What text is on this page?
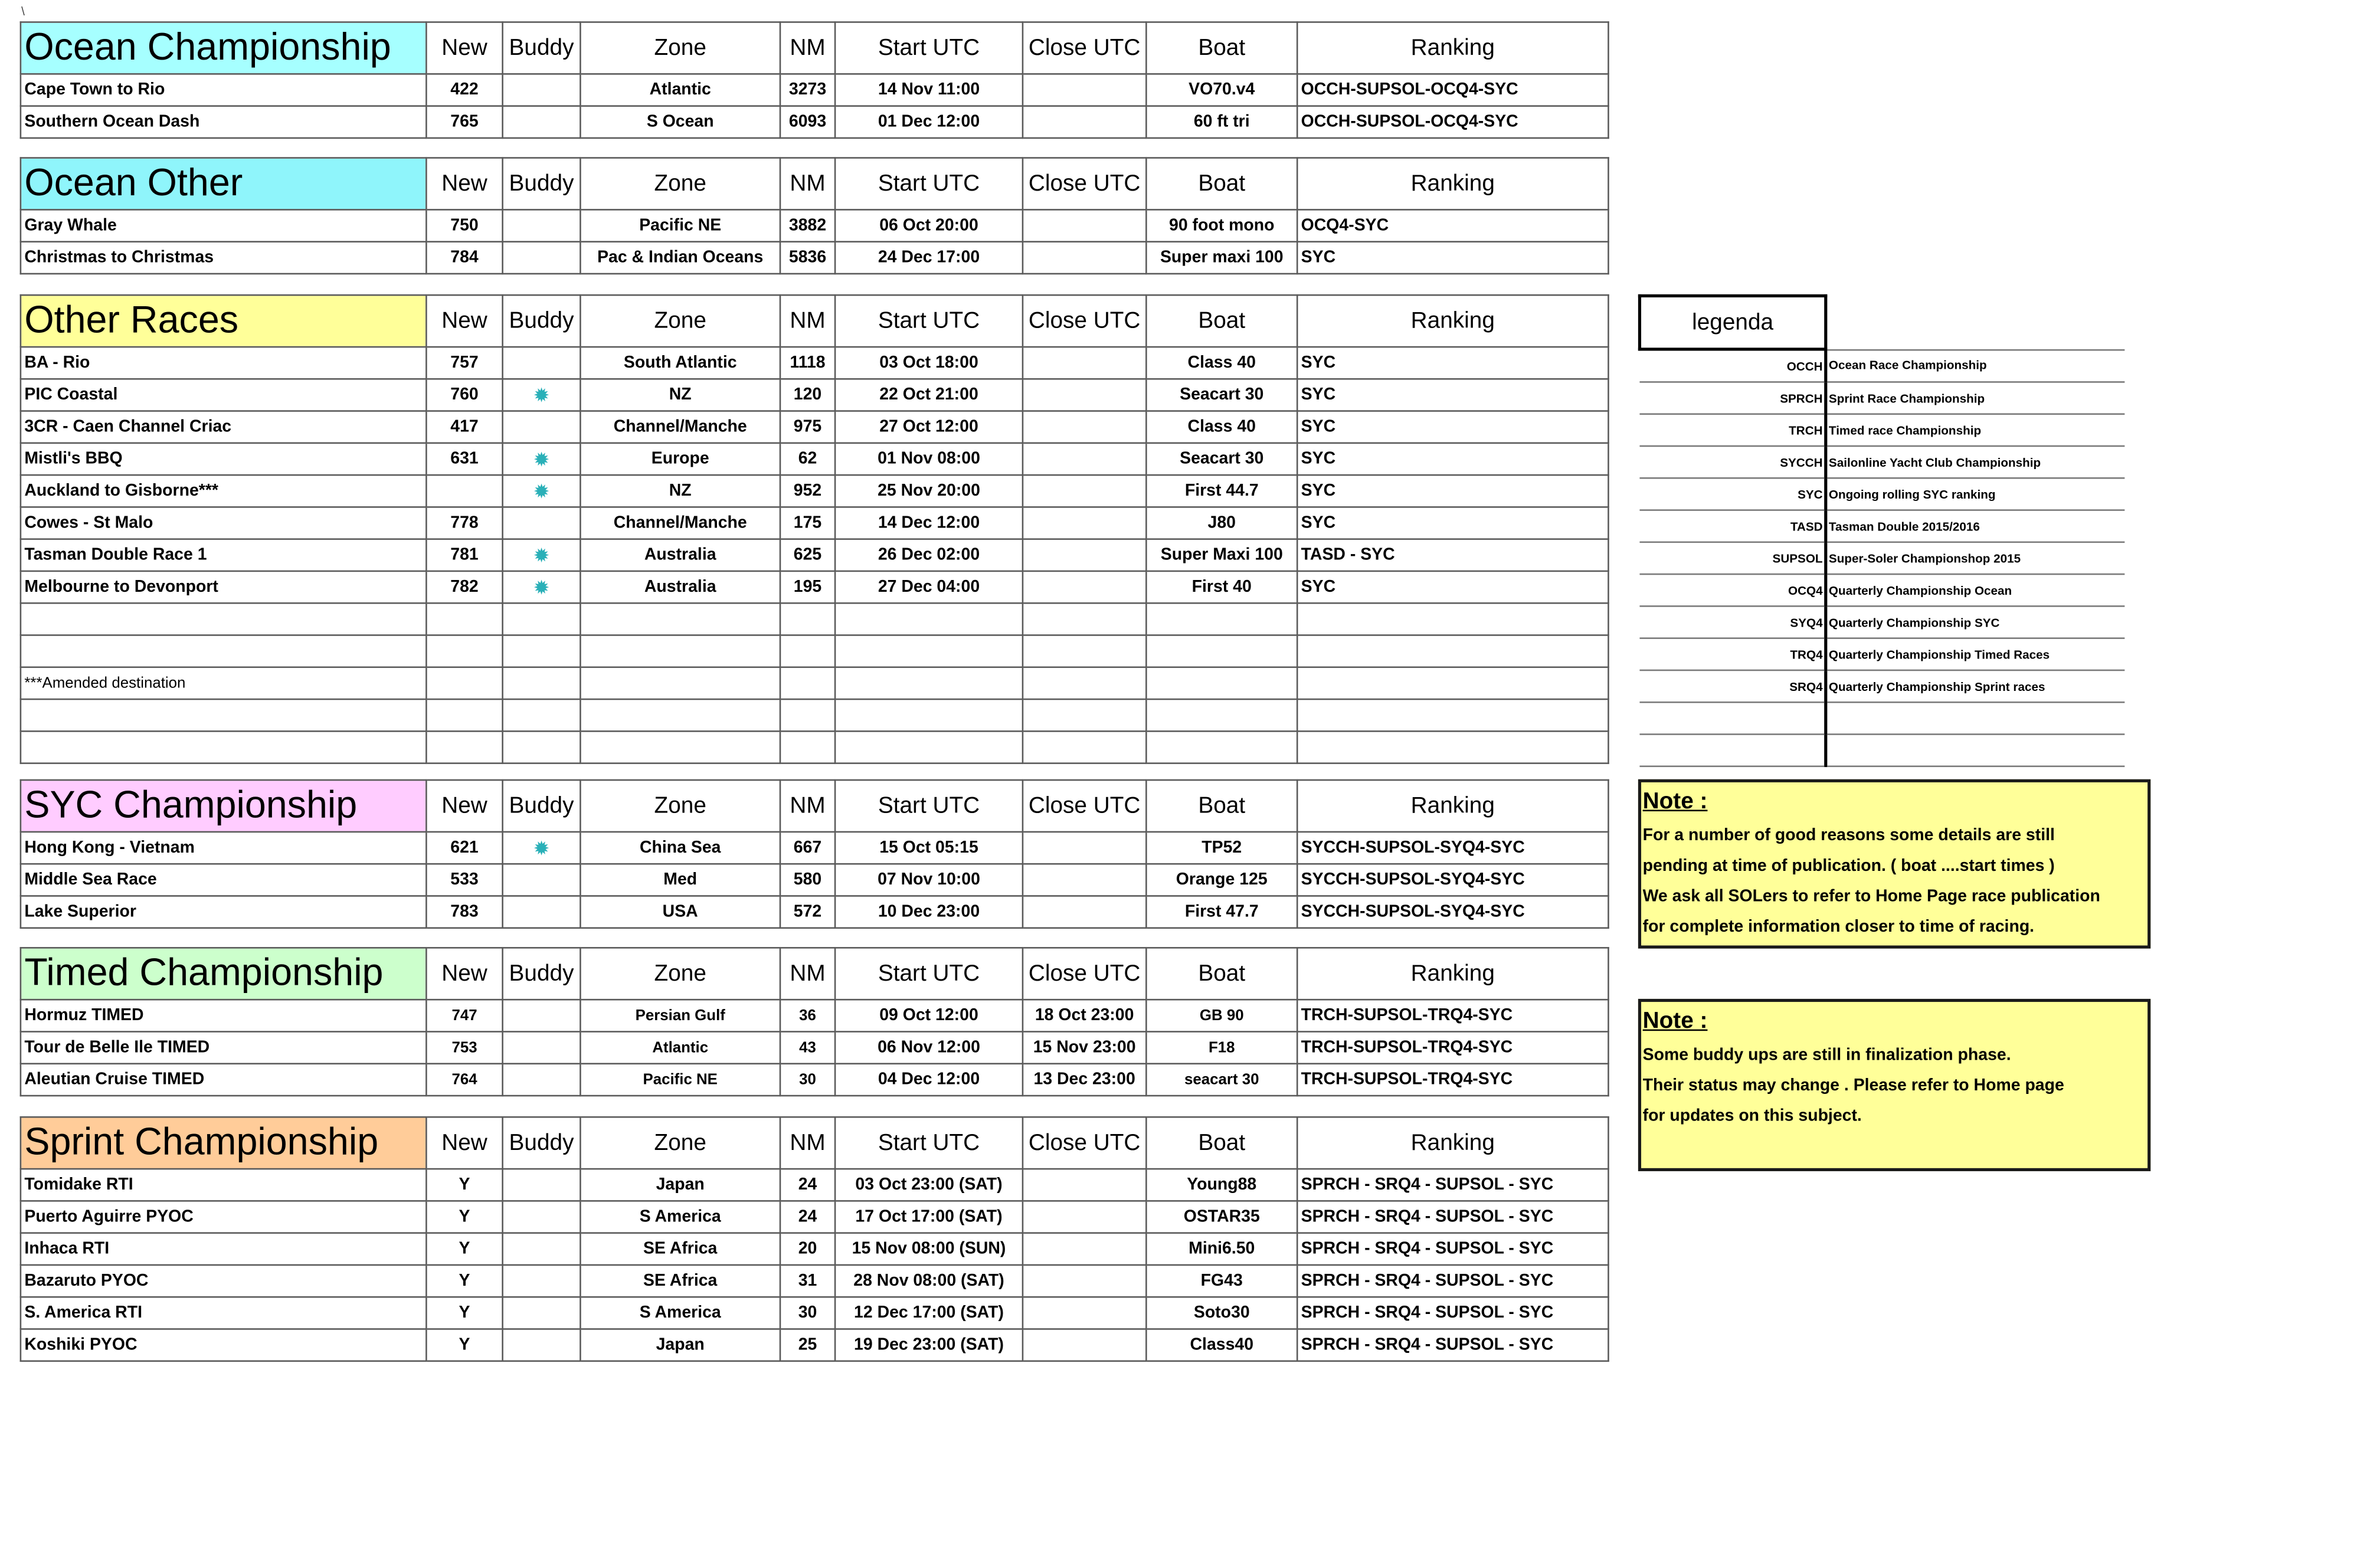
\
Ocean Championship	New	Buddy	Zone	NM	Start UTC	Close UTC	Boat	Ranking
Cape Town to Rio	422		Atlantic	3273	14 Nov 11:00		VO70.v4	OCCH-SUPSOL-OCQ4-SYC
Southern Ocean Dash	765		S Ocean	6093	01 Dec 12:00		60 ft tri	OCCH-SUPSOL-OCQ4-SYC
Ocean Other	New	Buddy	Zone	NM	Start UTC	Close UTC	Boat	Ranking
Gray Whale	750		Pacific NE	3882	06 Oct 20:00		90 foot mono	OCQ4-SYC
Christmas to Christmas	784		Pac & Indian Oceans	5836	24 Dec 17:00		Super maxi 100	SYC
Other Races	New	Buddy	Zone	NM	Start UTC	Close UTC	Boat	Ranking
BA - Rio	757		South Atlantic	1118	03 Oct 18:00		Class 40	SYC
PIC Coastal	760	✹	NZ	120	22 Oct 21:00		Seacart 30	SYC
3CR - Caen Channel Criac	417		Channel/Manche	975	27 Oct 12:00		Class 40	SYC
Mistli's BBQ	631	✹	Europe	62	01 Nov 08:00		Seacart 30	SYC
Auckland to Gisborne***		✹	NZ	952	25 Nov 20:00		First 44.7	SYC
Cowes - St Malo	778		Channel/Manche	175	14 Dec 12:00		J80	SYC
Tasman Double Race 1	781	✹	Australia	625	26 Dec 02:00		Super Maxi 100	TASD - SYC
Melbourne to Devonport	782	✹	Australia	195	27 Dec 04:00		First 40	SYC

***Amended destination								

SYC Championship	New	Buddy	Zone	NM	Start UTC	Close UTC	Boat	Ranking
Hong Kong - Vietnam	621	✹	China Sea	667	15 Oct 05:15		TP52	SYCCH-SUPSOL-SYQ4-SYC
Middle Sea Race	533		Med	580	07 Nov 10:00		Orange 125	SYCCH-SUPSOL-SYQ4-SYC
Lake Superior	783		USA	572	10 Dec 23:00		First 47.7	SYCCH-SUPSOL-SYQ4-SYC
Timed Championship	New	Buddy	Zone	NM	Start UTC	Close UTC	Boat	Ranking
Hormuz TIMED	747		Persian Gulf	36	09 Oct 12:00	18 Oct 23:00	GB 90	TRCH-SUPSOL-TRQ4-SYC
Tour de Belle Ile TIMED	753		Atlantic	43	06 Nov 12:00	15 Nov 23:00	F18	TRCH-SUPSOL-TRQ4-SYC
Aleutian Cruise TIMED	764		Pacific NE	30	04 Dec 12:00	13 Dec 23:00	seacart 30	TRCH-SUPSOL-TRQ4-SYC
Sprint Championship	New	Buddy	Zone	NM	Start UTC	Close UTC	Boat	Ranking
Tomidake RTI	Y		Japan	24	03 Oct 23:00 (SAT)		Young88	SPRCH - SRQ4 - SUPSOL - SYC
Puerto Aguirre PYOC	Y		S America	24	17 Oct 17:00 (SAT)		OSTAR35	SPRCH - SRQ4 - SUPSOL - SYC
Inhaca RTI	Y		SE Africa	20	15 Nov 08:00 (SUN)		Mini6.50	SPRCH - SRQ4 - SUPSOL - SYC
Bazaruto PYOC	Y		SE Africa	31	28 Nov 08:00 (SAT)		FG43	SPRCH - SRQ4 - SUPSOL - SYC
S. America RTI	Y		S America	30	12 Dec 17:00 (SAT)		Soto30	SPRCH - SRQ4 - SUPSOL - SYC
Koshiki PYOC	Y		Japan	25	19 Dec 23:00 (SAT)		Class40	SPRCH - SRQ4 - SUPSOL - SYC
legenda	
OCCH	Ocean Race Championship
SPRCH	Sprint Race Championship
TRCH	Timed race Championship
SYCCH	Sailonline Yacht Club Championship
SYC	Ongoing rolling SYC ranking
TASD	Tasman Double 2015/2016
SUPSOL	Super-Soler Championshop 2015
OCQ4	Quarterly Championship Ocean
SYQ4	Quarterly Championship SYC
TRQ4	Quarterly Championship Timed Races
SRQ4	Quarterly Championship Sprint races

Note :
For a number of good reasons some details are still
pending at time of publication. ( boat ....start times )
We ask all SOLers to refer to Home Page race publication
for complete information closer to time of racing.
Note :
Some buddy ups are still in finalization phase.
Their status may change . Please refer to Home page
for updates on this subject.
